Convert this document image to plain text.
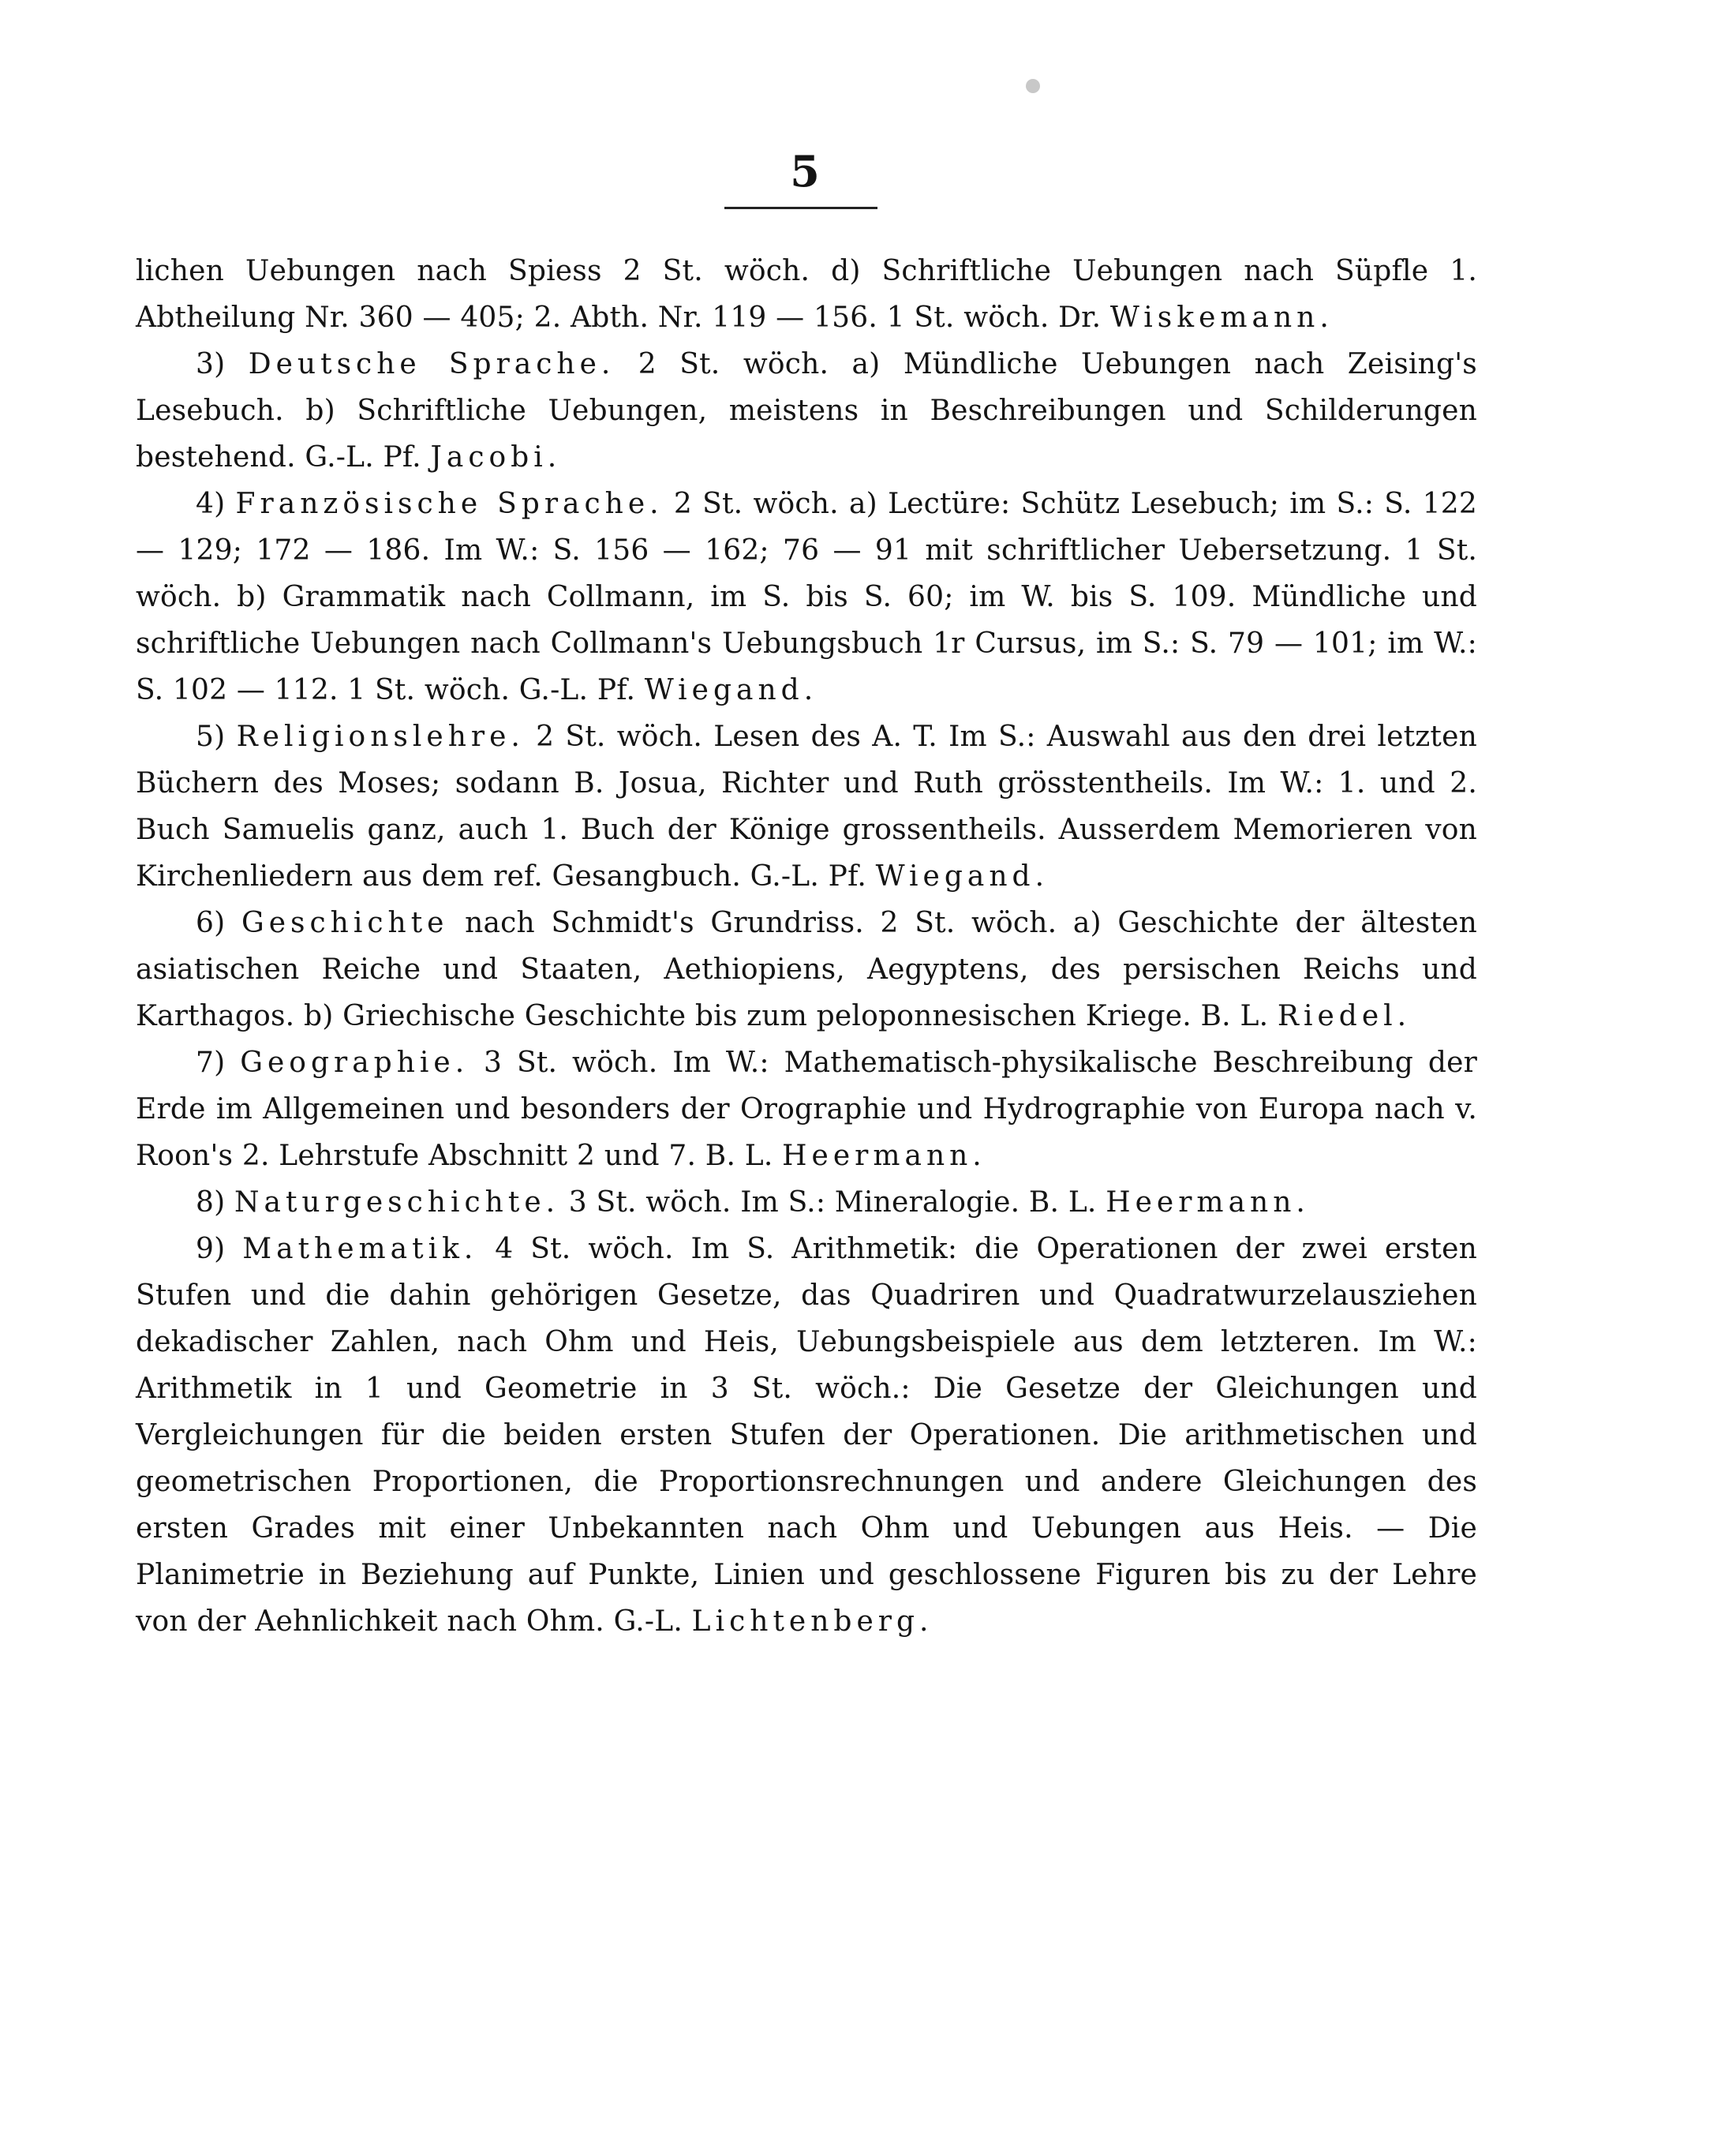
5

lichen Uebungen nach Spiess 2 St. wöch. d) Schriftliche Uebungen nach Süpfle 1. Abtheilung Nr. 360 — 405; 2. Abth. Nr. 119 — 156. 1 St. wöch. Dr. Wiskemann.

3) Deutsche Sprache. 2 St. wöch. a) Mündliche Uebungen nach Zeising's Lesebuch. b) Schriftliche Uebungen, meistens in Beschreibungen und Schilderungen bestehend. G.-L. Pf. Jacobi.

4) Französische Sprache. 2 St. wöch. a) Lectüre: Schütz Lesebuch; im S.: S. 122 — 129; 172 — 186. Im W.: S. 156 — 162; 76 — 91 mit schriftlicher Uebersetzung. 1 St. wöch. b) Grammatik nach Collmann, im S. bis S. 60; im W. bis S. 109. Mündliche und schriftliche Uebungen nach Collmann's Uebungsbuch 1r Cursus, im S.: S. 79 — 101; im W.: S. 102 — 112. 1 St. wöch. G.-L. Pf. Wiegand.

5) Religionslehre. 2 St. wöch. Lesen des A. T. Im S.: Auswahl aus den drei letzten Büchern des Moses; sodann B. Josua, Richter und Ruth grösstentheils. Im W.: 1. und 2. Buch Samuelis ganz, auch 1. Buch der Könige grossentheils. Ausserdem Memorieren von Kirchenliedern aus dem ref. Gesangbuch. G.-L. Pf. Wiegand.

6) Geschichte nach Schmidt's Grundriss. 2 St. wöch. a) Geschichte der ältesten asiatischen Reiche und Staaten, Aethiopiens, Aegyptens, des persischen Reichs und Karthagos. b) Griechische Geschichte bis zum peloponnesischen Kriege. B. L. Riedel.

7) Geographie. 3 St. wöch. Im W.: Mathematisch-physikalische Beschreibung der Erde im Allgemeinen und besonders der Orographie und Hydrographie von Europa nach v. Roon's 2. Lehrstufe Abschnitt 2 und 7. B. L. Heermann.

8) Naturgeschichte. 3 St. wöch. Im S.: Mineralogie. B. L. Heermann.

9) Mathematik. 4 St. wöch. Im S. Arithmetik: die Operationen der zwei ersten Stufen und die dahin gehörigen Gesetze, das Quadriren und Quadratwurzelausziehen dekadischer Zahlen, nach Ohm und Heis, Uebungsbeispiele aus dem letzteren. Im W.: Arithmetik in 1 und Geometrie in 3 St. wöch.: Die Gesetze der Gleichungen und Vergleichungen für die beiden ersten Stufen der Operationen. Die arithmetischen und geometrischen Proportionen, die Proportionsrechnungen und andere Gleichungen des ersten Grades mit einer Unbekannten nach Ohm und Uebungen aus Heis. — Die Planimetrie in Beziehung auf Punkte, Linien und geschlossene Figuren bis zu der Lehre von der Aehnlichkeit nach Ohm. G.-L. Lichtenberg.
